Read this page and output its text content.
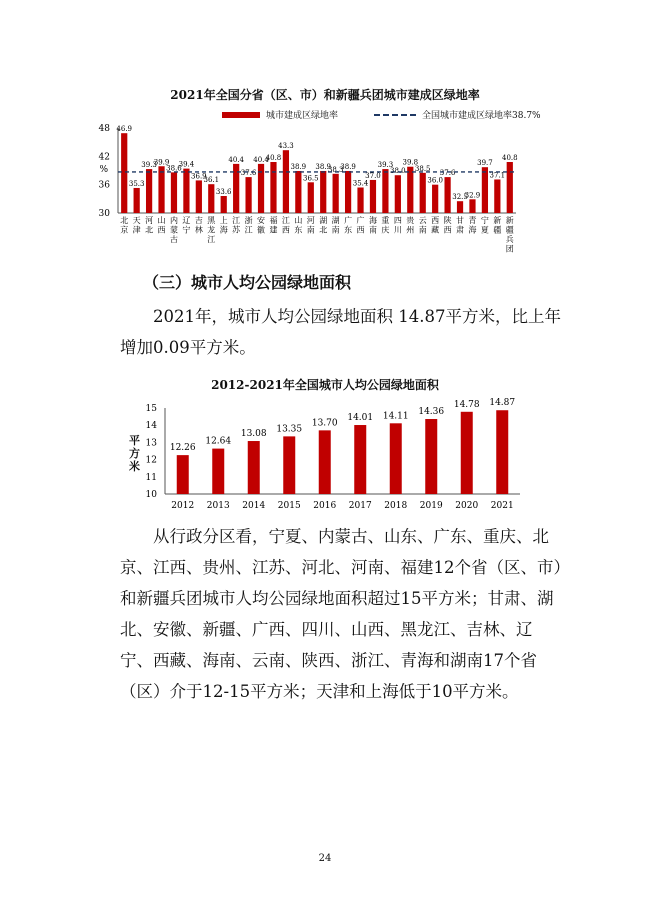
2021年全国分省（区、市）和新疆兵团城市建成区绿地率
城市建成区绿地率	全国城市建成区绿地率38.7%
30
36
42
48
%
46.9
北京
35.3
天津
39.3
河北
39.9
山西
38.6
内蒙古
39.4
辽宁
36.9
吉林
36.1
黑龙江
33.6
上海
40.4
江苏
37.6
浙江
40.4
安徽
40.8
福建
43.3
江西
38.9
山东
36.5
河南
38.9
湖北
38.3
湖南
38.9
广东
35.4
广西
37.0
海南
39.3
重庆
38.0
四川
39.8
贵州
38.5
云南
36.0
西藏
37.6
陕西
32.5
甘肃
32.9
青海
39.7
宁夏
37.1
新疆
40.8
新疆兵团
2012-2021年全国城市人均公园绿地面积
平方米
10
11
12
13
14
15
12.26
2012
12.64
2013
13.08
2014
13.35
2015
13.70
2016
14.01
2017
14.11
2018
14.36
2019
14.78
2020
14.87
2021
（三）城市人均公园绿地面积

2021年，城市人均公园绿地面积 14.87平方米，比上年增加0.09平方米。

从行政分区看，宁夏、内蒙古、山东、广东、重庆、北京、江西、贵州、江苏、河北、河南、福建12个省（区、市）和新疆兵团城市人均公园绿地面积超过15平方米；甘肃、湖北、安徽、新疆、广西、四川、山西、黑龙江、吉林、辽宁、西藏、海南、云南、陕西、浙江、青海和湖南17个省（区）介于12-15平方米；天津和上海低于10平方米。

24
